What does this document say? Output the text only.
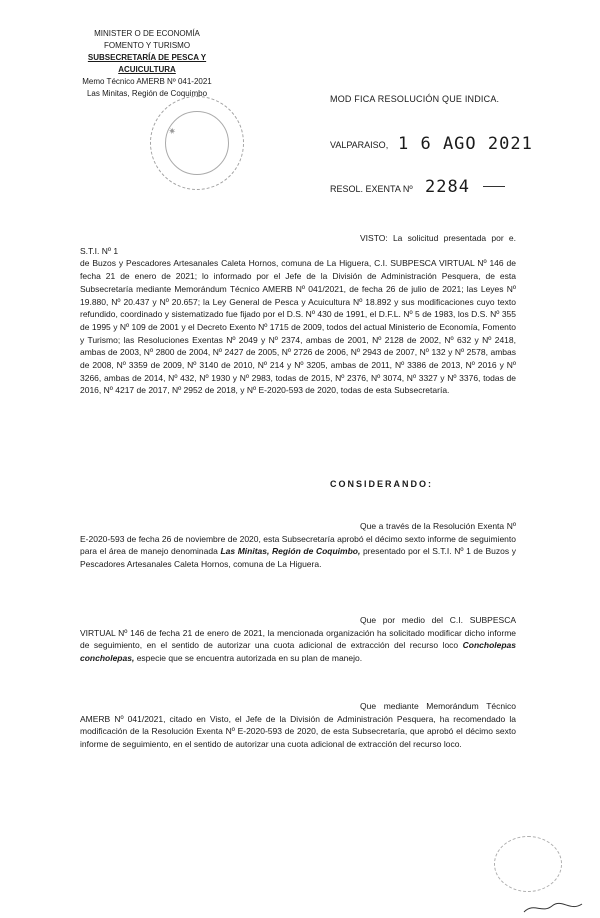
MINISTER O DE ECONOMÍA
FOMENTO Y TURISMO
SUBSECRETARÍA DE PESCA Y ACUICULTURA
Memo Técnico AMERB Nº 041-2021
Las Minitas, Región de Coquimbo
✷
MOD FICA RESOLUCIÓN QUE INDICA.
VALPARAISO, 1 6 AGO 2021
RESOL. EXENTA Nº 2284
VISTO: La solicitud presentada por e. S.T.I. Nº 1
de Buzos y Pescadores Artesanales Caleta Hornos, comuna de La Higuera, C.I. SUBPESCA VIRTUAL Nº 146 de fecha 21 de enero de 2021; lo informado por el Jefe de la División de Administración Pesquera, de esta Subsecretaría mediante Memorándum Técnico AMERB Nº 041/2021, de fecha 26 de julio de 2021; las Leyes Nº 19.880, Nº 20.437 y Nº 20.657; la Ley General de Pesca y Acuicultura Nº 18.892 y sus modificaciones cuyo texto refundido, coordinado y sistematizado fue fijado por el D.S. Nº 430 de 1991, el D.F.L. Nº 5 de 1983, los D.S. Nº 355 de 1995 y Nº 109 de 2001 y el Decreto Exento Nº 1715 de 2009, todos del actual Ministerio de Economía, Fomento y Turismo; las Resoluciones Exentas Nº 2049 y Nº 2374, ambas de 2001, Nº 2128 de 2002, Nº 632 y Nº 2418, ambas de 2003, Nº 2800 de 2004, Nº 2427 de 2005, Nº 2726 de 2006, Nº 2943 de 2007, Nº 132 y Nº 2578, ambas de 2008, Nº 3359 de 2009, Nº 3140 de 2010, Nº 214 y Nº 3205, ambas de 2011, Nº 3386 de 2013, Nº 2016 y Nº 3266, ambas de 2014, Nº 432, Nº 1930 y Nº 2983, todas de 2015, Nº 2376, Nº 3074, Nº 3327 y Nº 3376, todas de 2016, Nº 4217 de 2017, Nº 2952 de 2018, y Nº E-2020-593 de 2020, todas de esta Subsecretaría.
CONSIDERANDO:
Que a través de la Resolución Exenta Nº E-2020-593 de fecha 26 de noviembre de 2020, esta Subsecretaría aprobó el décimo sexto informe de seguimiento para el área de manejo denominada Las Minitas, Región de Coquimbo, presentado por el S.T.I. Nº 1 de Buzos y Pescadores Artesanales Caleta Hornos, comuna de La Higuera.
Que por medio del C.I. SUBPESCA VIRTUAL Nº 146 de fecha 21 de enero de 2021, la mencionada organización ha solicitado modificar dicho informe de seguimiento, en el sentido de autorizar una cuota adicional de extracción del recurso loco Concholepas concholepas, especie que se encuentra autorizada en su plan de manejo.
Que mediante Memorándum Técnico AMERB Nº 041/2021, citado en Visto, el Jefe de la División de Administración Pesquera, ha recomendado la modificación de la Resolución Exenta Nº E-2020-593 de 2020, de esta Subsecretaría, que aprobó el décimo sexto informe de seguimiento, en el sentido de autorizar una cuota adicional de extracción del recurso loco.
